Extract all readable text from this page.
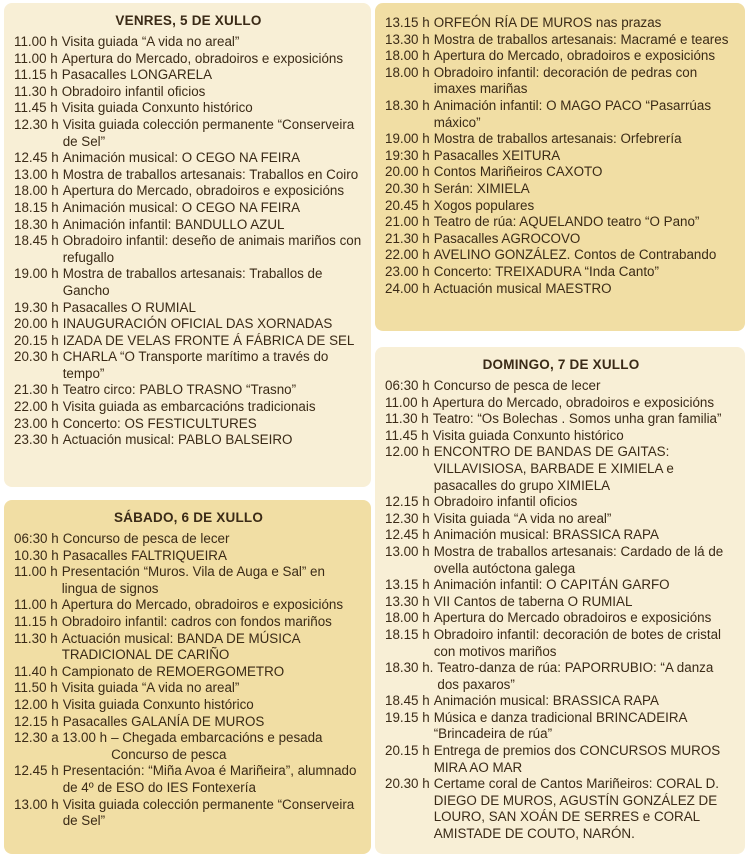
VENRES, 5 DE XULLO
11.00 h Visita guiada “A vida no areal”
11.00 h Apertura do Mercado, obradoiros e exposicións
11.15 h Pasacalles LONGARELA
11.30 h Obradoiro infantil oficios
11.45 h Visita guiada Conxunto histórico
12.30 h Visita guiada colección permanente “Conserveira de Sel”
12.45 h Animación musical: O CEGO NA FEIRA
13.00 h Mostra de traballos artesanais: Traballos en Coiro
18.00 h Apertura do Mercado, obradoiros e exposicións
18.15 h Animación musical: O CEGO NA FEIRA
18.30 h Animación infantil: BANDULLO AZUL
18.45 h Obradoiro infantil: deseño de animais mariños con refugallo
19.00 h Mostra de traballos artesanais: Traballos de Gancho
19.30 h Pasacalles O RUMIAL
20.00 h INAUGURACIÓN OFICIAL DAS XORNADAS
20.15 h IZADA DE VELAS FRONTE Á FÁBRICA DE SEL
20.30 h CHARLA “O Transporte marítimo a través do tempo”
21.30 h Teatro circo: PABLO TRASNO “Trasno”
22.00 h Visita guiada as embarcacións tradicionais
23.00 h Concerto: OS FESTICULTURES
23.30 h Actuación musical: PABLO BALSEIRO
SÁBADO, 6 DE XULLO
06:30 h Concurso de pesca de lecer
10.30 h Pasacalles FALTRIQUEIRA
11.00 h Presentación “Muros. Vila de Auga e Sal” en lingua de signos
11.00 h Apertura do Mercado, obradoiros e exposicións
11.15 h Obradoiro infantil: cadros con fondos mariños
11.30 h Actuación musical: BANDA DE MÚSICA TRADICIONAL DE CARIÑO
11.40 h Campionato de REMOERGOMETRO
11.50 h Visita guiada “A vida no areal”
12.00 h Visita guiada Conxunto histórico
12.15 h Pasacalles GALANÍA DE MUROS
12.30 a 13.00 h – Chegada embarcacións e pesada Concurso de pesca
12.45 h Presentación: “Miña Avoa é Mariñeira”, alumnado de 4º de ESO do IES Fontexería
13.00 h Visita guiada colección permanente “Conserveira de Sel”
13.15 h ORFEÓN RÍA DE MUROS nas prazas
13.30 h Mostra de traballos artesanais: Macramé e teares
18.00 h Apertura do Mercado, obradoiros e exposicións
18.00 h Obradoiro infantil: decoración de pedras con imaxes mariñas
18.30 h Animación infantil: O MAGO PACO “Pasarrúas máxico”
19.00 h Mostra de traballos artesanais: Orfebrería
19:30 h Pasacalles XEITURA
20.00 h Contos Mariñeiros CAXOTO
20.30 h Serán: XIMIELA
20.45 h Xogos populares
21.00 h Teatro de rúa: AQUELANDO teatro “O Pano”
21.30 h Pasacalles AGROCOVO
22.00 h AVELINO GONZÁLEZ. Contos de Contrabando
23.00 h Concerto: TREIXADURA “Inda Canto”
24.00 h Actuación musical MAESTRO
DOMINGO, 7 DE XULLO
06:30 h Concurso de pesca de lecer
11.00 h Apertura do Mercado, obradoiros e exposicións
11.30 h Teatro: “Os Bolechas . Somos unha gran familia”
11.45 h Visita guiada Conxunto histórico
12.00 h ENCONTRO DE BANDAS DE GAITAS: VILLAVISIOSA, BARBADE E XIMIELA e pasacalles do grupo XIMIELA
12.15 h Obradoiro infantil oficios
12.30 h Visita guiada “A vida no areal”
12.45 h Animación musical: BRASSICA RAPA
13.00 h Mostra de traballos artesanais: Cardado de lá de ovella autóctona galega
13.15 h Animación infantil: O CAPITÁN GARFO
13.30 h VII Cantos de taberna O RUMIAL
18.00 h Apertura do Mercado obradoiros e exposicións
18.15 h Obradoiro infantil: decoración de botes de cristal con motivos mariños
18.30 h. Teatro-danza de rúa: PAPORRUBIO: “A danza dos paxaros”
18.45 h Animación musical: BRASSICA RAPA
19.15 h Música e danza tradicional BRINCADEIRA “Brincadeira de rúa”
20.15 h Entrega de premios dos CONCURSOS MUROS MIRA AO MAR
20.30 h Certame coral de Cantos Mariñeiros: CORAL D. DIEGO DE MUROS, AGUSTÍN GONZÁLEZ DE LOURO, SAN XOÁN DE SERRES e CORAL AMISTADE DE COUTO, NARÓN.
